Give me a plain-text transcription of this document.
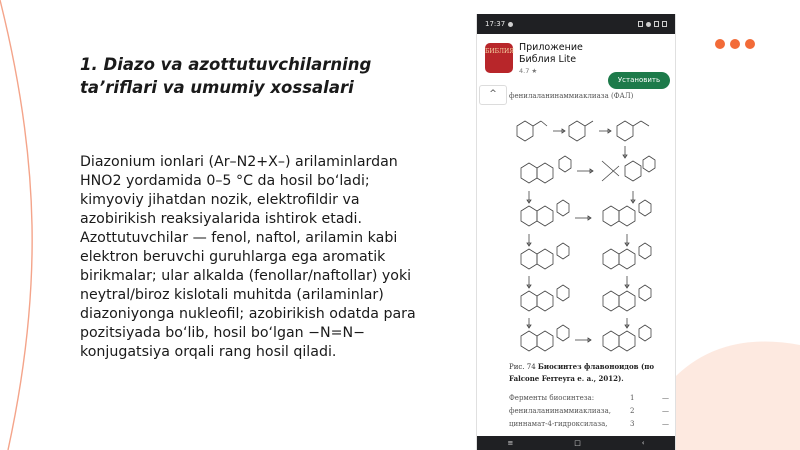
1. Diazo va azottutuvchilarning ta’riflari va umumiy xossalari

Diazonium ionlari (Ar–N2+X–) arilaminlardan HNO2 yordamida 0–5 °C da hosil bo‘ladi; kimyoviy jihatdan nozik, elektrofildir va azobirikish reaksiyalarida ishtirok etadi. Azottutuvchilar — fenol, naftol, arilamin kabi elektron beruvchi guruhlarga ega aromatik birikmalar; ular alkalda (fenollar/naftollar) yoki neytral/biroz kislotali muhitda (arilaminlar) diazoniyonga nukleofil; azobirikish odatda para pozitsiyada bo‘lib, hosil bo‘lgan −N=N− konjugatsiya orqali rang hosil qiladi.

17:37
БИБЛИЯ Приложение Библия Lite
4.7 ★
Установить
фенилаланинаммиаклиаза (ФАЛ)
Рис. 74 Биосинтез флавоноидов (по
Falcone Ferreyra e. a., 2012).
Ферменты биосинтеза:	1	—
фенилаланинаммиаклиаза,	2	—
циннамат-4-гидроксилаза,	3	—
^
≡	□	‹
